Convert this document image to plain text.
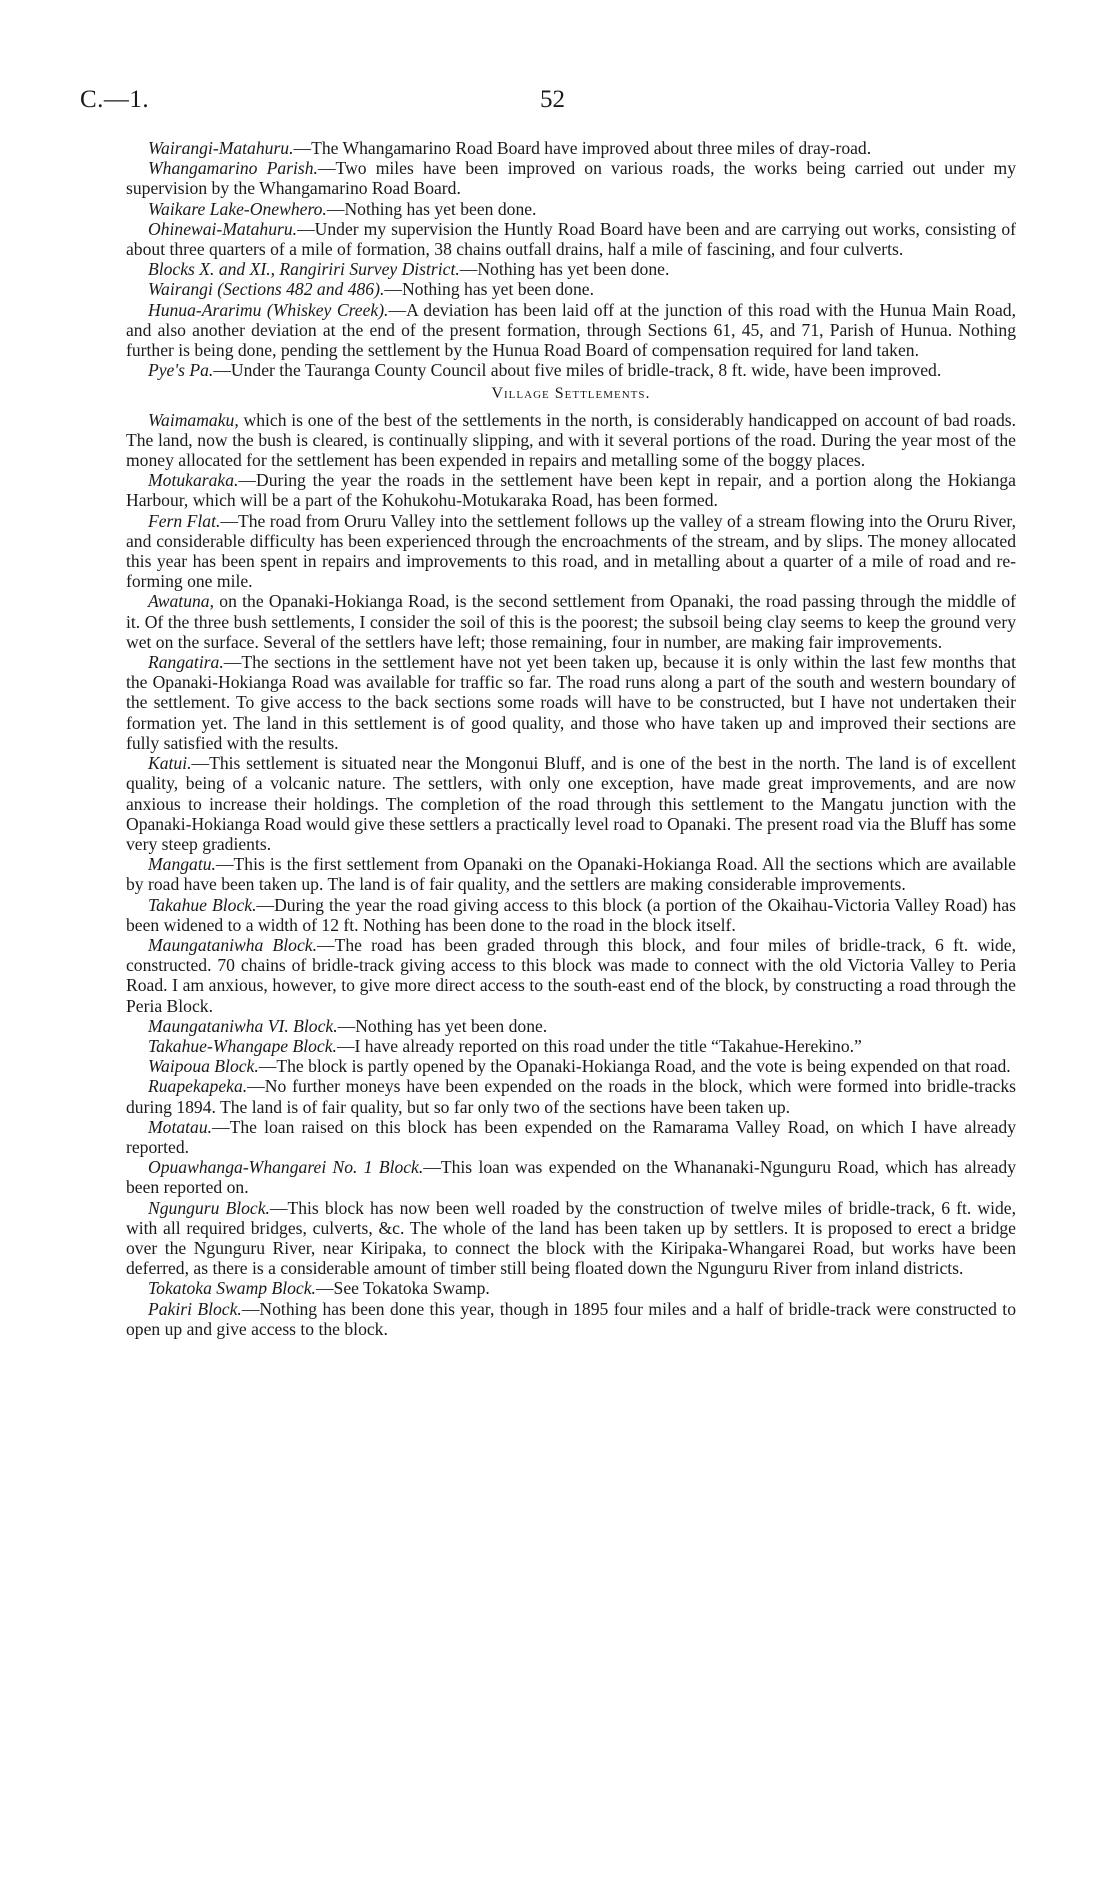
C.—1.	52

Wairangi-Matahuru.—The Whangamarino Road Board have improved about three miles of dray-road.

Whangamarino Parish.—Two miles have been improved on various roads, the works being carried out under my supervision by the Whangamarino Road Board.

Waikare Lake-Onewhero.—Nothing has yet been done.

Ohinewai-Matahuru.—Under my supervision the Huntly Road Board have been and are carrying out works, consisting of about three quarters of a mile of formation, 38 chains outfall drains, half a mile of fascining, and four culverts.

Blocks X. and XI., Rangiriri Survey District.—Nothing has yet been done.

Wairangi (Sections 482 and 486).—Nothing has yet been done.

Hunua-Ararimu (Whiskey Creek).—A deviation has been laid off at the junction of this road with the Hunua Main Road, and also another deviation at the end of the present formation, through Sections 61, 45, and 71, Parish of Hunua. Nothing further is being done, pending the settlement by the Hunua Road Board of compensation required for land taken.

Pye's Pa.—Under the Tauranga County Council about five miles of bridle-track, 8 ft. wide, have been improved.

Village Settlements.

Waimamaku, which is one of the best of the settlements in the north, is considerably handicapped on account of bad roads. The land, now the bush is cleared, is continually slipping, and with it several portions of the road. During the year most of the money allocated for the settlement has been expended in repairs and metalling some of the boggy places.

Motukaraka.—During the year the roads in the settlement have been kept in repair, and a portion along the Hokianga Harbour, which will be a part of the Kohukohu-Motukaraka Road, has been formed.

Fern Flat.—The road from Oruru Valley into the settlement follows up the valley of a stream flowing into the Oruru River, and considerable difficulty has been experienced through the encroachments of the stream, and by slips. The money allocated this year has been spent in repairs and improvements to this road, and in metalling about a quarter of a mile of road and re-forming one mile.

Awatuna, on the Opanaki-Hokianga Road, is the second settlement from Opanaki, the road passing through the middle of it. Of the three bush settlements, I consider the soil of this is the poorest; the subsoil being clay seems to keep the ground very wet on the surface. Several of the settlers have left; those remaining, four in number, are making fair improvements.

Rangatira.—The sections in the settlement have not yet been taken up, because it is only within the last few months that the Opanaki-Hokianga Road was available for traffic so far. The road runs along a part of the south and western boundary of the settlement. To give access to the back sections some roads will have to be constructed, but I have not undertaken their formation yet. The land in this settlement is of good quality, and those who have taken up and improved their sections are fully satisfied with the results.

Katui.—This settlement is situated near the Mongonui Bluff, and is one of the best in the north. The land is of excellent quality, being of a volcanic nature. The settlers, with only one exception, have made great improvements, and are now anxious to increase their holdings. The completion of the road through this settlement to the Mangatu junction with the Opanaki-Hokianga Road would give these settlers a practically level road to Opanaki. The present road via the Bluff has some very steep gradients.

Mangatu.—This is the first settlement from Opanaki on the Opanaki-Hokianga Road. All the sections which are available by road have been taken up. The land is of fair quality, and the settlers are making considerable improvements.

Takahue Block.—During the year the road giving access to this block (a portion of the Okaihau-Victoria Valley Road) has been widened to a width of 12 ft. Nothing has been done to the road in the block itself.

Maungataniwha Block.—The road has been graded through this block, and four miles of bridle-track, 6 ft. wide, constructed. 70 chains of bridle-track giving access to this block was made to connect with the old Victoria Valley to Peria Road. I am anxious, however, to give more direct access to the south-east end of the block, by constructing a road through the Peria Block.

Maungataniwha VI. Block.—Nothing has yet been done.

Takahue-Whangape Block.—I have already reported on this road under the title “Takahue-Herekino.”

Waipoua Block.—The block is partly opened by the Opanaki-Hokianga Road, and the vote is being expended on that road.

Ruapekapeka.—No further moneys have been expended on the roads in the block, which were formed into bridle-tracks during 1894. The land is of fair quality, but so far only two of the sections have been taken up.

Motatau.—The loan raised on this block has been expended on the Ramarama Valley Road, on which I have already reported.

Opuawhanga-Whangarei No. 1 Block.—This loan was expended on the Whananaki-Ngunguru Road, which has already been reported on.

Ngunguru Block.—This block has now been well roaded by the construction of twelve miles of bridle-track, 6 ft. wide, with all required bridges, culverts, &c. The whole of the land has been taken up by settlers. It is proposed to erect a bridge over the Ngunguru River, near Kiripaka, to connect the block with the Kiripaka-Whangarei Road, but works have been deferred, as there is a considerable amount of timber still being floated down the Ngunguru River from inland districts.

Tokatoka Swamp Block.—See Tokatoka Swamp.

Pakiri Block.—Nothing has been done this year, though in 1895 four miles and a half of bridle-track were constructed to open up and give access to the block.
